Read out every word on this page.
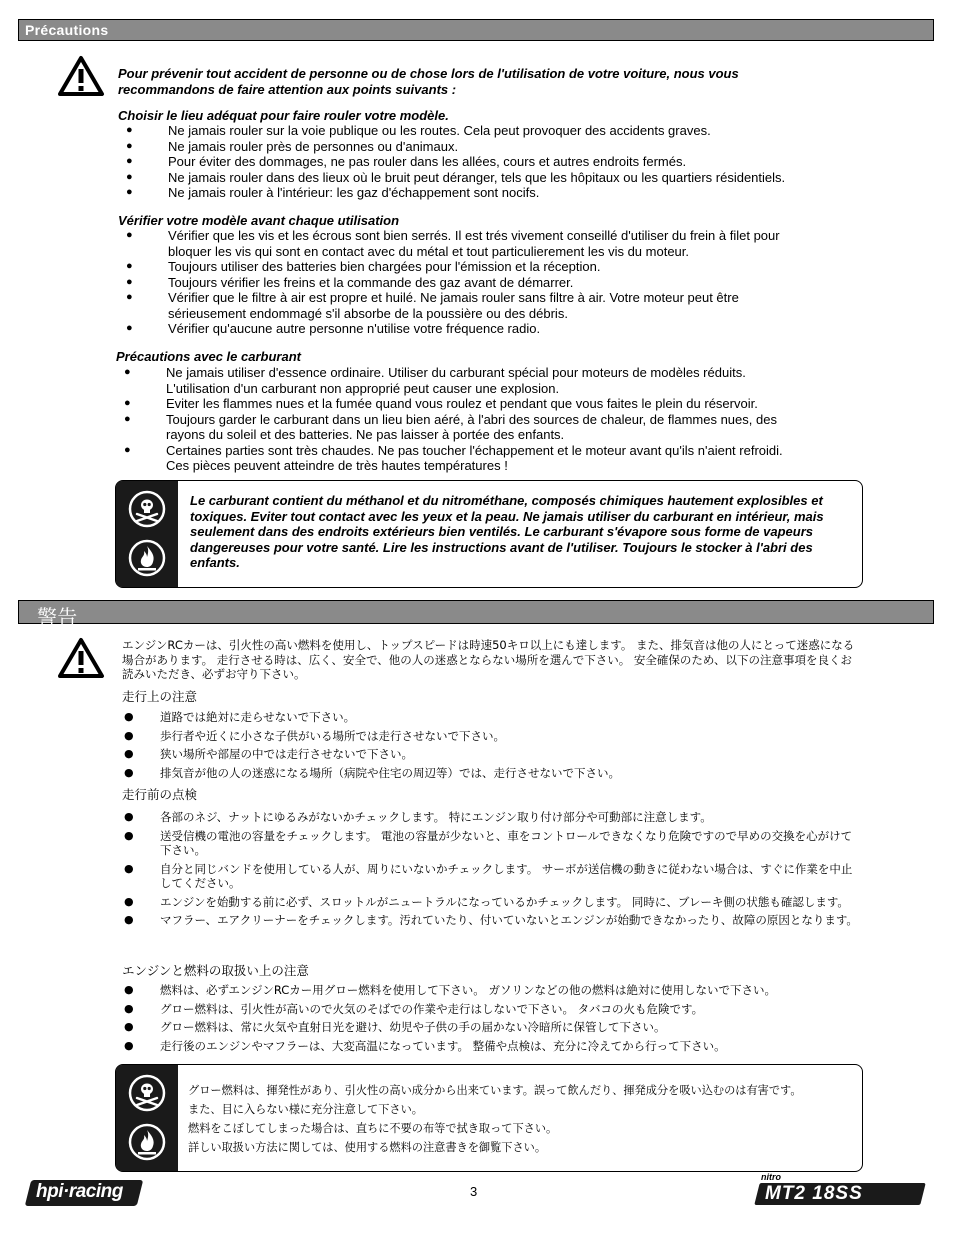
Précautions
Pour prévenir tout accident de personne ou de chose lors de l'utilisation de votre voiture, nous vous recommandons de faire attention aux points suivants :
Choisir le lieu adéquat pour faire rouler votre modèle.
●	Ne jamais rouler sur la voie publique ou les routes. Cela peut provoquer des accidents graves.
●	Ne jamais rouler près de personnes ou d'animaux.
●	Pour éviter des dommages, ne pas rouler dans les allées, cours et autres endroits fermés.
●	Ne jamais rouler dans des lieux où le bruit peut déranger, tels que les hôpitaux ou les quartiers résidentiels.
●	Ne jamais rouler à l'intérieur: les gaz d'échappement sont nocifs.
Vérifier votre modèle avant chaque utilisation
●	Vérifier que les vis et les écrous sont bien serrés. Il est trés vivement conseillé d'utiliser du frein à filet pour bloquer les vis qui sont en contact avec du métal et tout particulierement les vis du moteur.
●	Toujours utiliser des batteries bien chargées pour l'émission et la réception.
●	Toujours vérifier les freins et la commande des gaz avant de démarrer.
●	Vérifier que le filtre à air est propre et huilé. Ne jamais rouler sans filtre à air. Votre moteur peut être sérieusement endommagé s'il absorbe de la poussière ou des débris.
●	Vérifier qu'aucune autre personne n'utilise votre fréquence radio.
Précautions avec le carburant
●	Ne jamais utiliser d'essence ordinaire. Utiliser du carburant spécial pour moteurs de modèles réduits. L'utilisation d'un carburant non approprié peut causer une explosion.
●	Eviter les flammes nues et la fumée quand vous roulez et pendant que vous faites le plein du réservoir.
●	Toujours garder le carburant dans un lieu bien aéré, à l'abri des sources de chaleur, de flammes nues, des rayons du soleil et des batteries. Ne pas laisser à portée des enfants.
●	Certaines parties sont très chaudes. Ne pas toucher l'échappement et le moteur avant qu'ils n'aient refroidi. Ces pièces peuvent atteindre de très hautes températures !
Le carburant contient du méthanol et du nitrométhane, composés chimiques hautement explosibles et toxiques. Eviter tout contact avec les yeux et la peau. Ne jamais utiliser du carburant en intérieur, mais seulement dans des endroits extérieurs bien ventilés. Le carburant s'évapore sous forme de vapeurs dangereuses pour votre santé. Lire les instructions avant de l'utiliser. Toujours le stocker à l'abri des enfants.
警告
エンジンRCカーは、引火性の高い燃料を使用し、トップスピードは時速50キロ以上にも達します。 また、排気音は他の人にとって迷惑になる場合があります。 走行させる時は、広く、安全で、他の人の迷惑とならない場所を選んで下さい。 安全確保のため、以下の注意事項を良くお読みいただき、必ずお守り下さい。
走行上の注意
● 道路では絶対に走らせないで下さい。
● 歩行者や近くに小さな子供がいる場所では走行させないで下さい。
● 狭い場所や部屋の中では走行させないで下さい。
● 排気音が他の人の迷惑になる場所（病院や住宅の周辺等）では、走行させないで下さい。
走行前の点検
● 各部のネジ、ナットにゆるみがないかチェックします。 特にエンジン取り付け部分や可動部に注意します。
● 送受信機の電池の容量をチェックします。 電池の容量が少ないと、車をコントロールできなくなり危険ですので早めの交換を心がけて下さい。
● 自分と同じバンドを使用している人が、周りにいないかチェックします。 サーボが送信機の動きに従わない場合は、すぐに作業を中止してください。
● エンジンを始動する前に必ず、スロットルがニュートラルになっているかチェックします。 同時に、ブレーキ側の状態も確認します。
● マフラー、エアクリーナーをチェックします。汚れていたり、付いていないとエンジンが始動できなかったり、故障の原因となります。
エンジンと燃料の取扱い上の注意
● 燃料は、必ずエンジンRCカー用グロー燃料を使用して下さい。 ガソリンなどの他の燃料は絶対に使用しないで下さい。
● グロー燃料は、引火性が高いので火気のそばでの作業や走行はしないで下さい。 タバコの火も危険です。
● グロー燃料は、常に火気や直射日光を避け、幼児や子供の手の届かない冷暗所に保管して下さい。
● 走行後のエンジンやマフラーは、大変高温になっています。 整備や点検は、充分に冷えてから行って下さい。
グロー燃料は、揮発性があり、引火性の高い成分から出来ています。誤って飲んだり、揮発成分を吸い込むのは有害です。
また、目に入らない様に充分注意して下さい。
燃料をこぼしてしまった場合は、直ちに不要の布等で拭き取って下さい。
詳しい取扱い方法に関しては、使用する燃料の注意書きを御覧下さい。
hpi·racing	3
nitro
MT2 18SS
